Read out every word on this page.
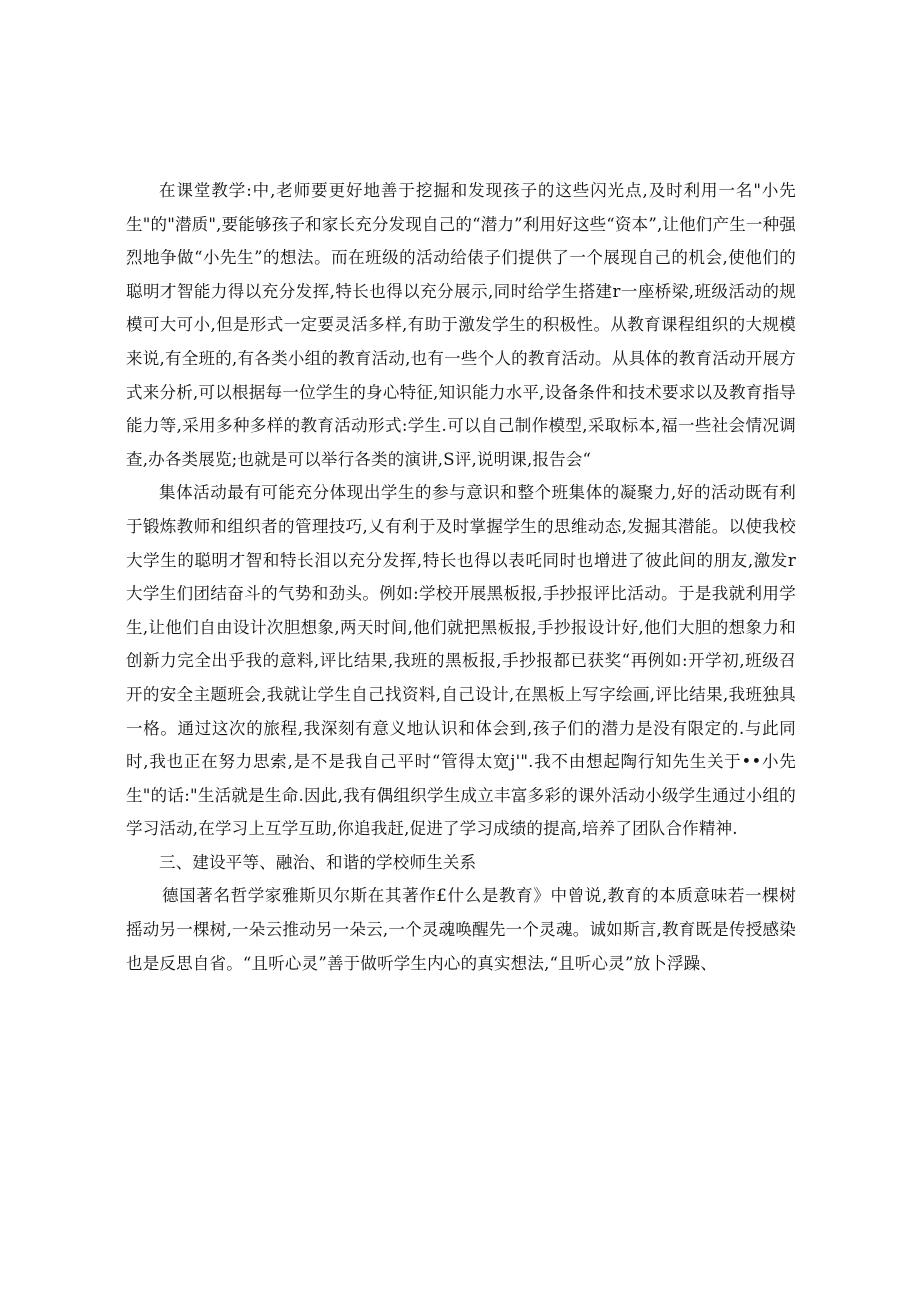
在课堂教学:中,老师要更好地善于挖掘和发现孩子的这些闪光点,及时利用一名"小先生"的"潜质",要能够孩子和家长充分发现自己的“潜力”利用好这些“资本”,让他们产生一种强烈地争做“小先生”的想法。而在班级的活动给俵子们提供了一个展现自己的机会,使他们的聪明才智能力得以充分发挥,特长也得以充分展示,同时给学生搭建r一座桥梁,班级活动的规模可大可小,但是形式一定要灵活多样,有助于激发学生的积极性。从教育课程组织的大规模来说,有全班的,有各类小组的教育活动,也有一些个人的教育活动。从具体的教育活动开展方式来分析,可以根据每一位学生的身心特征,知识能力水平,设备条件和技术要求以及教育指导能力等,采用多种多样的教育活动形式:学生.可以自己制作模型,采取标本,福一些社会情况调查,办各类展览;也就是可以举行各类的演讲,S评,说明课,报告会“

集体活动最有可能充分体现出学生的参与意识和整个班集体的凝聚力,好的活动既有利于锻炼教师和组织者的管理技巧,乂有利于及时掌握学生的思维动态,发掘其潜能。以使我校大学生的聪明才智和特长泪以充分发挥,特长也得以表吒同时也增进了彼此间的朋友,激发r大学生们团结奋斗的气势和劲头。例如:学校开展黑板报,手抄报评比活动。于是我就利用学生,让他们自由设计次胆想象,两天时间,他们就把黑板报,手抄报设计好,他们大胆的想象力和创新力完全出乎我的意料,评比结果,我班的黑板报,手抄报都已获奖“再例如:开学初,班级召开的安全主题班会,我就让学生自己找资料,自己设计,在黑板上写字绘画,评比结果,我班独具一格。通过这次的旅程,我深刻有意义地认识和体会到,孩子们的潜力是没有限定的.与此同时,我也正在努力思索,是不是我自己平时“管得太宽j'".我不由想起陶行知先生关于••小先生"的话:"生活就是生命.因此,我有偶组织学生成立丰富多彩的课外活动小级学生通过小组的学习活动,在学习上互学互助,你追我赶,促进了学习成绩的提高,培养了团队合作精神.

三、建设平等、融治、和谐的学校师生关系

德国著名哲学家雅斯贝尔斯在其著作£什么是教育》中曾说,教育的本质意味若一棵树摇动另一棵树,一朵云推动另一朵云,一个灵魂唤醒先一个灵魂。诚如斯言,教育既是传授感染也是反思自省。“且听心灵”善于做听学生内心的真实想法,“且听心灵”放卜浮躁、
